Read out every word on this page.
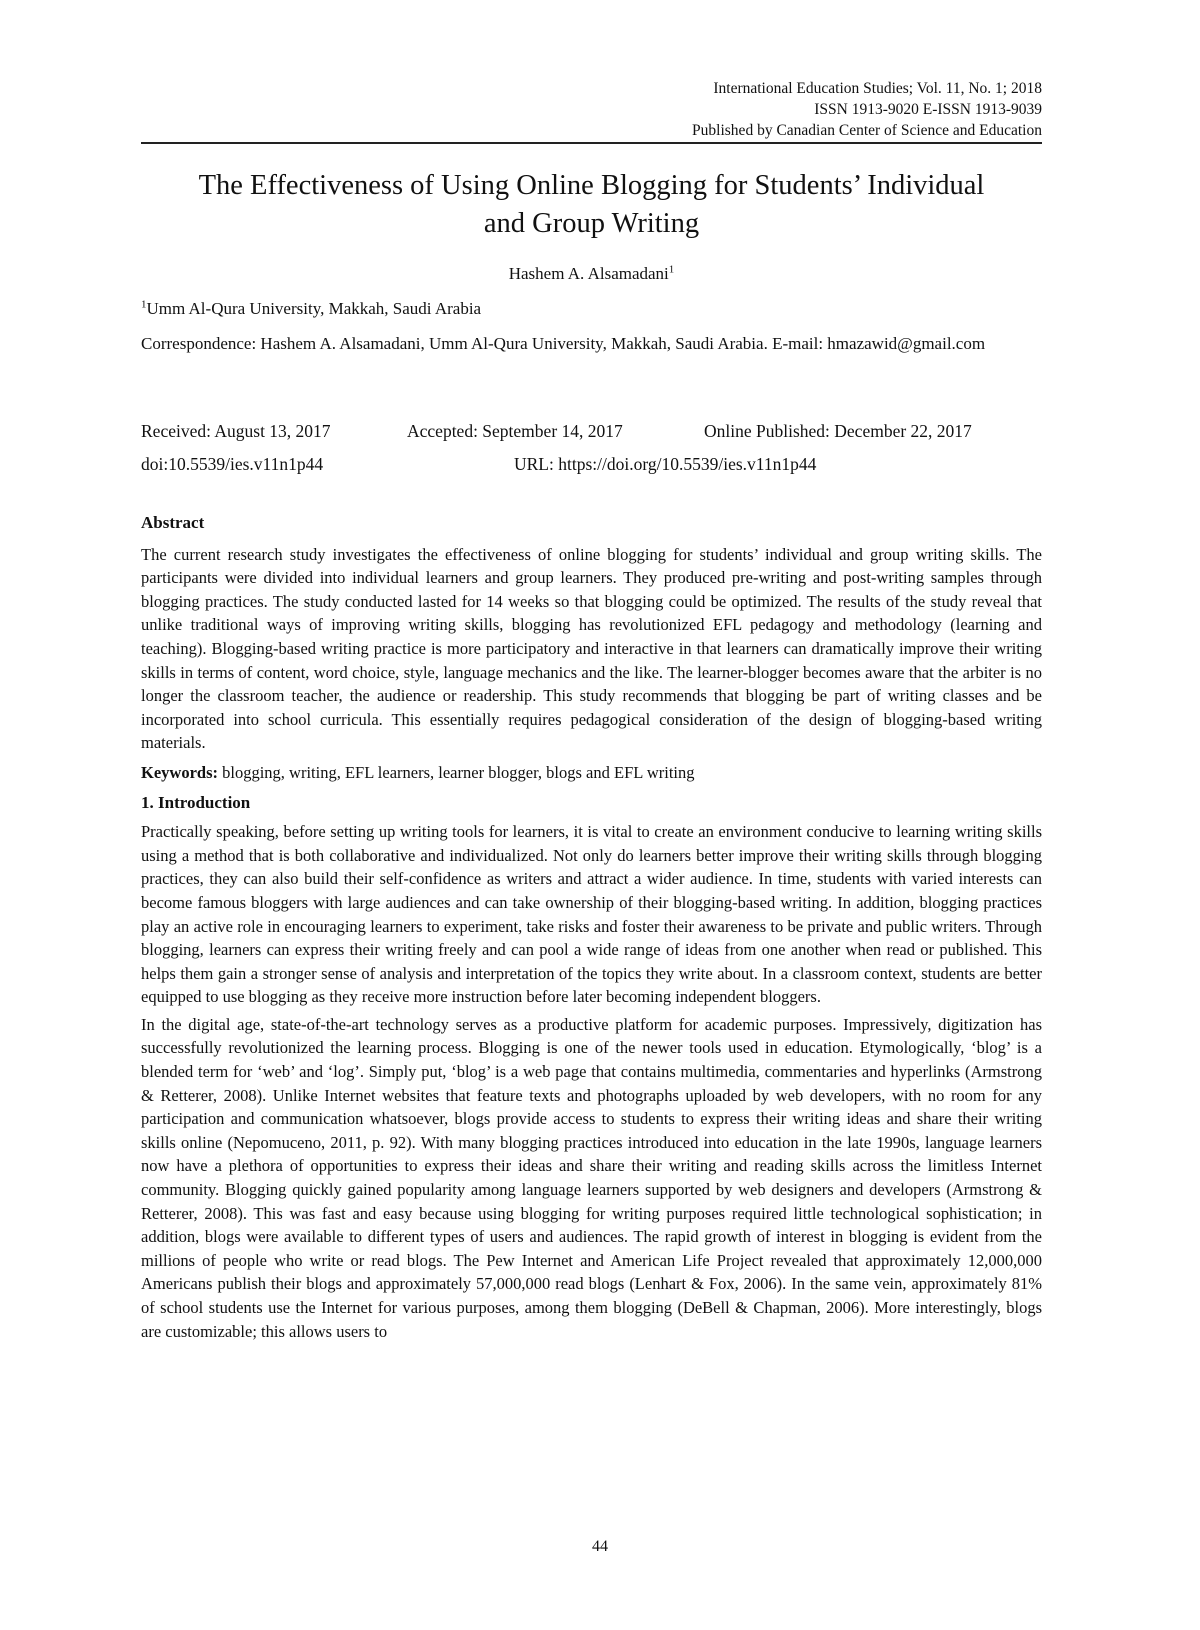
International Education Studies; Vol. 11, No. 1; 2018
ISSN 1913-9020 E-ISSN 1913-9039
Published by Canadian Center of Science and Education
The Effectiveness of Using Online Blogging for Students’ Individual
and Group Writing
Hashem A. Alsamadani$^1$
$^1$Umm Al-Qura University, Makkah, Saudi Arabia
Correspondence: Hashem A. Alsamadani, Umm Al-Qura University, Makkah, Saudi Arabia. E-mail: hmazawid@gmail.com
Received: August 13, 2017	Accepted: September 14, 2017	Online Published: December 22, 2017
doi:10.5539/ies.v11n1p44	URL: https://doi.org/10.5539/ies.v11n1p44
Abstract

The current research study investigates the effectiveness of online blogging for students’ individual and group writing skills. The participants were divided into individual learners and group learners. They produced pre-writing and post-writing samples through blogging practices. The study conducted lasted for 14 weeks so that blogging could be optimized. The results of the study reveal that unlike traditional ways of improving writing skills, blogging has revolutionized EFL pedagogy and methodology (learning and teaching). Blogging-based writing practice is more participatory and interactive in that learners can dramatically improve their writing skills in terms of content, word choice, style, language mechanics and the like. The learner-blogger becomes aware that the arbiter is no longer the classroom teacher, the audience or readership. This study recommends that blogging be part of writing classes and be incorporated into school curricula. This essentially requires pedagogical consideration of the design of blogging-based writing materials.

Keywords: blogging, writing, EFL learners, learner blogger, blogs and EFL writing

1. Introduction

Practically speaking, before setting up writing tools for learners, it is vital to create an environment conducive to learning writing skills using a method that is both collaborative and individualized. Not only do learners better improve their writing skills through blogging practices, they can also build their self-confidence as writers and attract a wider audience. In time, students with varied interests can become famous bloggers with large audiences and can take ownership of their blogging-based writing. In addition, blogging practices play an active role in encouraging learners to experiment, take risks and foster their awareness to be private and public writers. Through blogging, learners can express their writing freely and can pool a wide range of ideas from one another when read or published. This helps them gain a stronger sense of analysis and interpretation of the topics they write about. In a classroom context, students are better equipped to use blogging as they receive more instruction before later becoming independent bloggers.

In the digital age, state-of-the-art technology serves as a productive platform for academic purposes. Impressively, digitization has successfully revolutionized the learning process. Blogging is one of the newer tools used in education. Etymologically, ‘blog’ is a blended term for ‘web’ and ‘log’. Simply put, ‘blog’ is a web page that contains multimedia, commentaries and hyperlinks (Armstrong & Retterer, 2008). Unlike Internet websites that feature texts and photographs uploaded by web developers, with no room for any participation and communication whatsoever, blogs provide access to students to express their writing ideas and share their writing skills online (Nepomuceno, 2011, p. 92). With many blogging practices introduced into education in the late 1990s, language learners now have a plethora of opportunities to express their ideas and share their writing and reading skills across the limitless Internet community. Blogging quickly gained popularity among language learners supported by web designers and developers (Armstrong & Retterer, 2008). This was fast and easy because using blogging for writing purposes required little technological sophistication; in addition, blogs were available to different types of users and audiences. The rapid growth of interest in blogging is evident from the millions of people who write or read blogs. The Pew Internet and American Life Project revealed that approximately 12,000,000 Americans publish their blogs and approximately 57,000,000 read blogs (Lenhart & Fox, 2006). In the same vein, approximately 81% of school students use the Internet for various purposes, among them blogging (DeBell & Chapman, 2006). More interestingly, blogs are customizable; this allows users to

44
